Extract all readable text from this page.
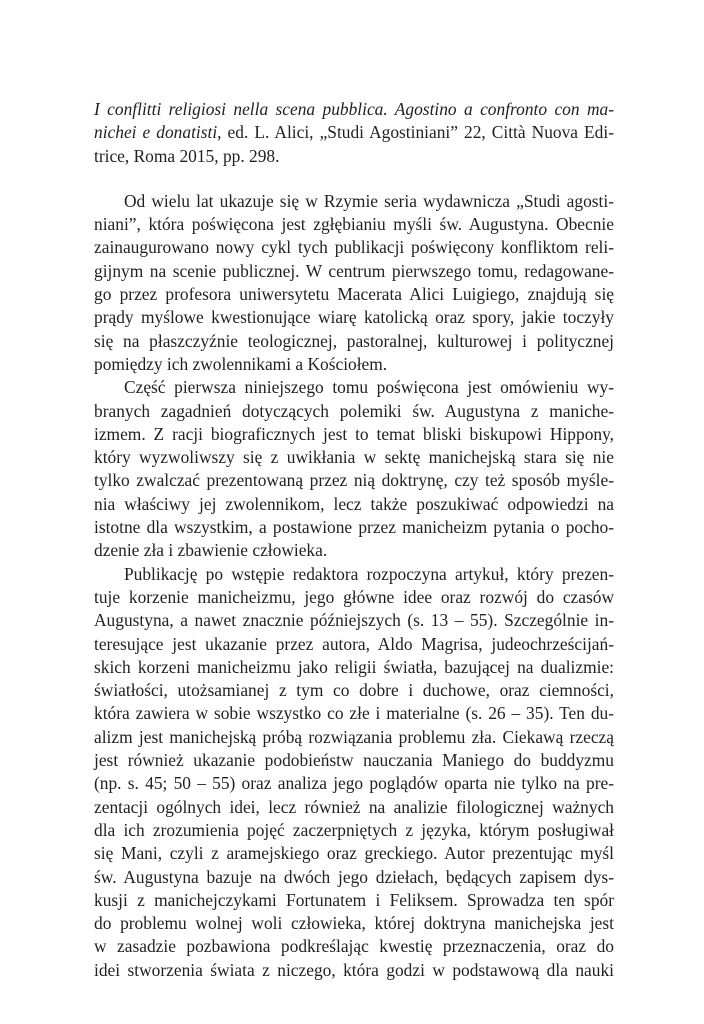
I conflitti religiosi nella scena pubblica. Agostino a confronto con ma-
nichei e donatisti, ed. L. Alici, „Studi Agostiniani” 22, Città Nuova Edi-
trice, Roma 2015, pp. 298.
Od wielu lat ukazuje się w Rzymie seria wydawnicza „Studi agosti-
niani”, która poświęcona jest zgłębianiu myśli św. Augustyna. Obecnie
zainaugurowano nowy cykl tych publikacji poświęcony konfliktom reli-
gijnym na scenie publicznej. W centrum pierwszego tomu, redagowane-
go przez profesora uniwersytetu Macerata Alici Luigiego, znajdują się
prądy myślowe kwestionujące wiarę katolicką oraz spory, jakie toczyły
się na płaszczyźnie teologicznej, pastoralnej, kulturowej i politycznej
pomiędzy ich zwolennikami a Kościołem.
Część pierwsza niniejszego tomu poświęcona jest omówieniu wy-
branych zagadnień dotyczących polemiki św. Augustyna z maniche-
izmem. Z racji biograficznych jest to temat bliski biskupowi Hippony,
który wyzwoliwszy się z uwikłania w sektę manichejską stara się nie
tylko zwalczać prezentowaną przez nią doktrynę, czy też sposób myśle-
nia właściwy jej zwolennikom, lecz także poszukiwać odpowiedzi na
istotne dla wszystkim, a postawione przez manicheizm pytania o pocho-
dzenie zła i zbawienie człowieka.
Publikację po wstępie redaktora rozpoczyna artykuł, który prezen-
tuje korzenie manicheizmu, jego główne idee oraz rozwój do czasów
Augustyna, a nawet znacznie późniejszych (s. 13 – 55). Szczególnie in-
teresujące jest ukazanie przez autora, Aldo Magrisa, judeochrześcijań-
skich korzeni manicheizmu jako religii światła, bazującej na dualizmie:
światłości, utożsamianej z tym co dobre i duchowe, oraz ciemności,
która zawiera w sobie wszystko co złe i materialne (s. 26 – 35). Ten du-
alizm jest manichejską próbą rozwiązania problemu zła. Ciekawą rzeczą
jest również ukazanie podobieństw nauczania Maniego do buddyzmu
(np. s. 45; 50 – 55) oraz analiza jego poglądów oparta nie tylko na pre-
zentacji ogólnych idei, lecz również na analizie filologicznej ważnych
dla ich zrozumienia pojęć zaczerpniętych z języka, którym posługiwał
się Mani, czyli z aramejskiego oraz greckiego. Autor prezentując myśl
św. Augustyna bazuje na dwóch jego dziełach, będących zapisem dys-
kusji z manichejczykami Fortunatem i Feliksem. Sprowadza ten spór
do problemu wolnej woli człowieka, której doktryna manichejska jest
w zasadzie pozbawiona podkreślając kwestię przeznaczenia, oraz do
idei stworzenia świata z niczego, która godzi w podstawową dla nauki
